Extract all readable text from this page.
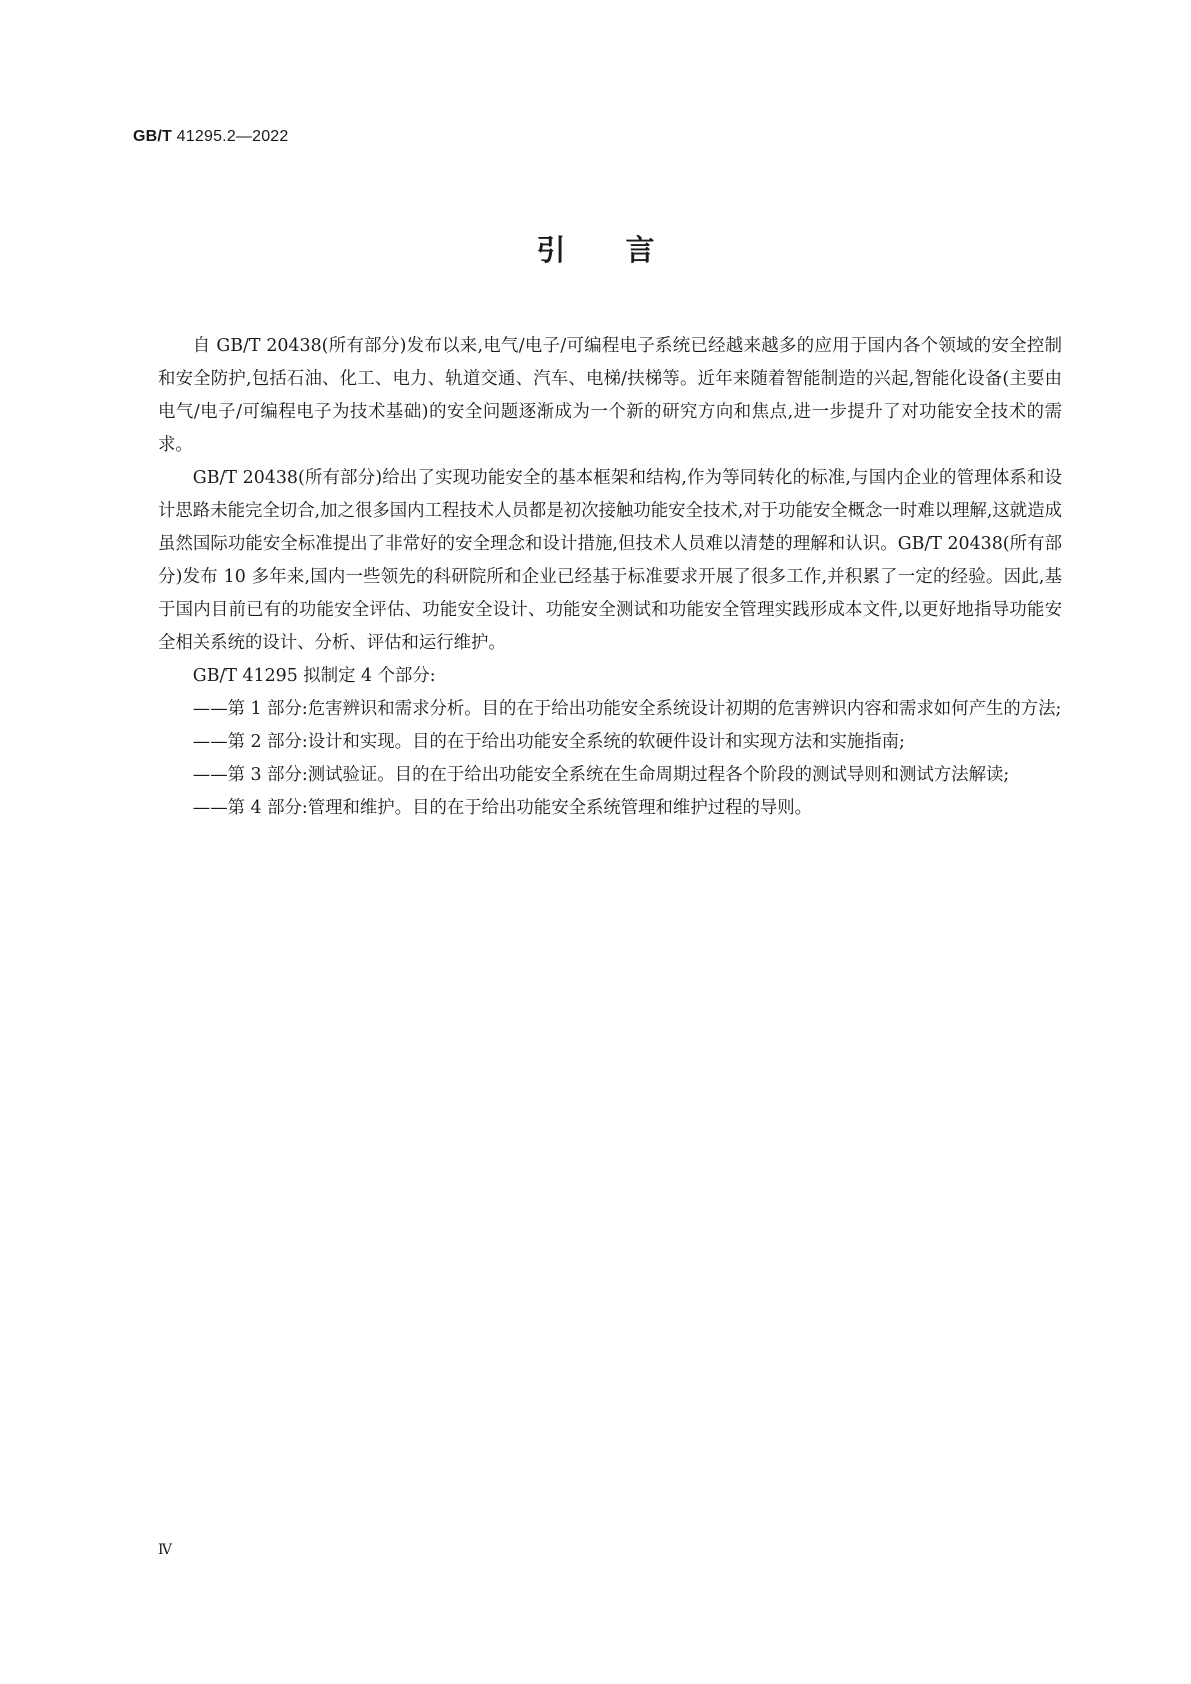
GB/T 41295.2—2022
引言

自 GB/T 20438(所有部分)发布以来,电气/电子/可编程电子系统已经越来越多的应用于国内各个领域的安全控制和安全防护,包括石油、化工、电力、轨道交通、汽车、电梯/扶梯等。近年来随着智能制造的兴起,智能化设备(主要由电气/电子/可编程电子为技术基础)的安全问题逐渐成为一个新的研究方向和焦点,进一步提升了对功能安全技术的需求。

GB/T 20438(所有部分)给出了实现功能安全的基本框架和结构,作为等同转化的标准,与国内企业的管理体系和设计思路未能完全切合,加之很多国内工程技术人员都是初次接触功能安全技术,对于功能安全概念一时难以理解,这就造成虽然国际功能安全标准提出了非常好的安全理念和设计措施,但技术人员难以清楚的理解和认识。GB/T 20438(所有部分)发布 10 多年来,国内一些领先的科研院所和企业已经基于标准要求开展了很多工作,并积累了一定的经验。因此,基于国内目前已有的功能安全评估、功能安全设计、功能安全测试和功能安全管理实践形成本文件,以更好地指导功能安全相关系统的设计、分析、评估和运行维护。

GB/T 41295 拟制定 4 个部分:

——第 1 部分:危害辨识和需求分析。目的在于给出功能安全系统设计初期的危害辨识内容和需求如何产生的方法;
——第 2 部分:设计和实现。目的在于给出功能安全系统的软硬件设计和实现方法和实施指南;
——第 3 部分:测试验证。目的在于给出功能安全系统在生命周期过程各个阶段的测试导则和测试方法解读;
——第 4 部分:管理和维护。目的在于给出功能安全系统管理和维护过程的导则。
Ⅳ
